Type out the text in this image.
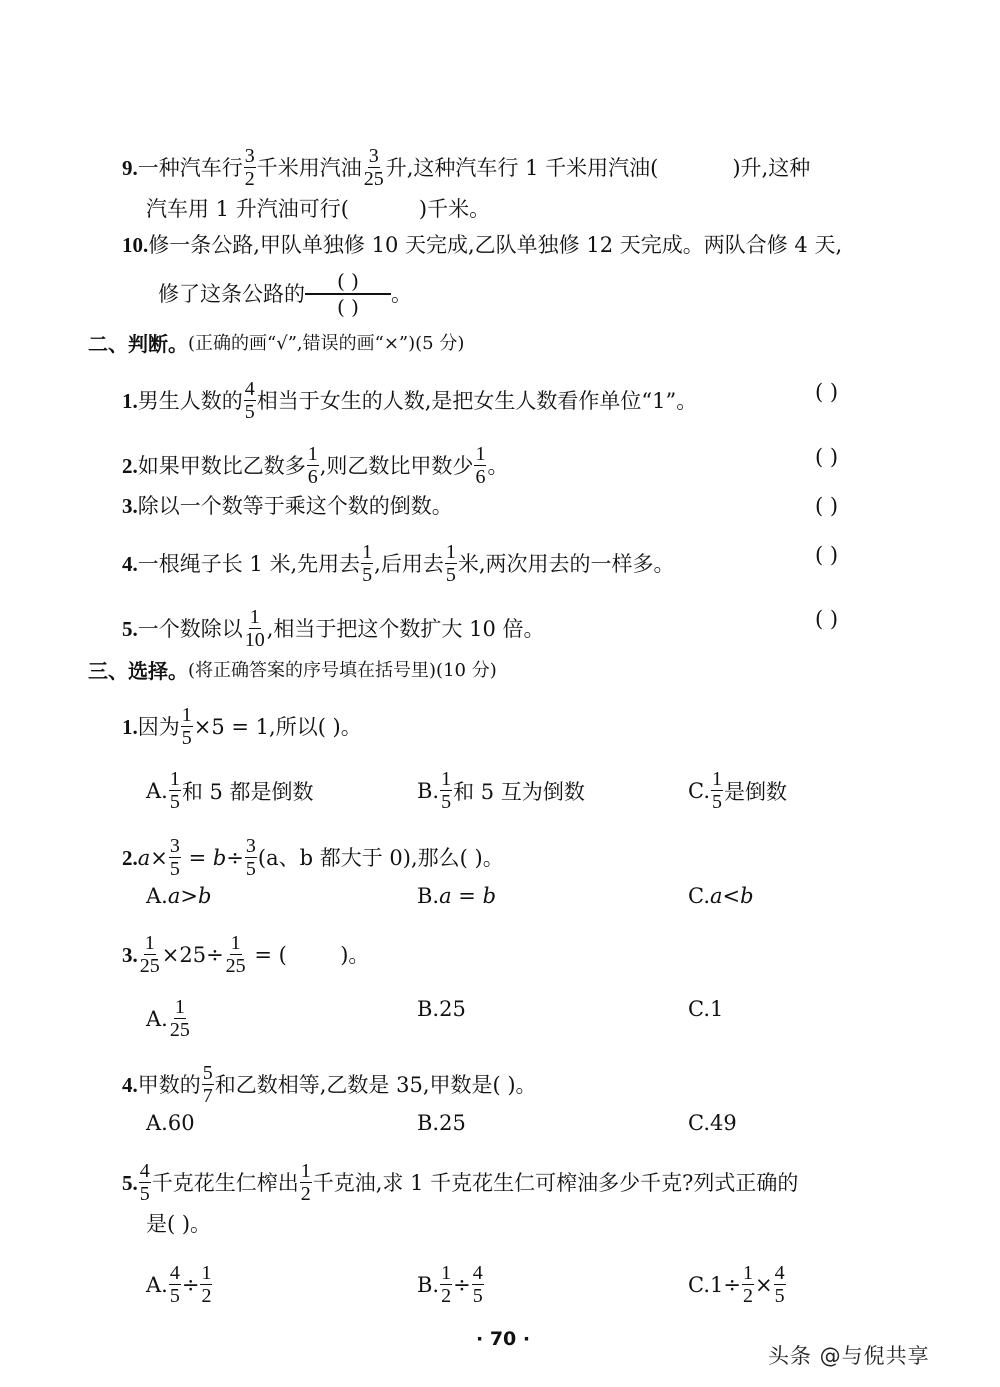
9. 一种汽车行 $\frac{3}{2}$ 千米用汽油 $\frac{3}{25}$ 升,这种汽车行 1 千米用汽油(	)升,这种
汽车用 1 升汽油可行(	)千米。
10. 修一条公路,甲队单独修 10 天完成,乙队单独修 12 天完成。两队合修 4 天,
修了这条公路的
( )
( )
。
二、判断。 (正确的画“√”,错误的画“×”)(5 分)
1. 男生人数的 $\frac{4}{5}$ 相当于女生的人数,是把女生人数看作单位“1”。	( )
2. 如果甲数比乙数多 $\frac{1}{6}$ ,则乙数比甲数少 $\frac{1}{6}$ 。	( )
3. 除以一个数等于乘这个数的倒数。	( )
4. 一根绳子长 1 米,先用去 $\frac{1}{5}$ ,后用去 $\frac{1}{5}$ 米,两次用去的一样多。	( )
5. 一个数除以 $\frac{1}{10}$ ,相当于把这个数扩大 10 倍。	( )
三、选择。 (将正确答案的序号填在括号里)(10 分)
1. 因为 $\frac{1}{5} \times 5 = 1$,所以( )。
A. $\frac{1}{5}$ 和 5 都是倒数	B. $\frac{1}{5}$ 和 5 互为倒数	C. $\frac{1}{5}$ 是倒数
2. $a \times \frac{3}{5} = b \div \frac{3}{5} (a$、b 都大于 0),那么( )。
A. a>b	B. a = b	C. a<b
3. $\frac{1}{25} \times 25\div \frac{1}{25}$ = (        )。
A. $\frac{1}{25}$	B. 25	C. 1
4. 甲数的 $\frac{5}{7}$ 和乙数相等,乙数是 35,甲数是( )。
A. 60	B. 25	C. 49
5. $\frac{4}{5}$ 千克花生仁榨出 $\frac{1}{2}$ 千克油,求 1 千克花生仁可榨油多少千克?列式正确的
是( )。
A. $\frac{4}{5} \div \frac{1}{2}$	B. $\frac{1}{2} \div \frac{4}{5}$	C. $1\div \frac{1}{2} \times \frac{4}{5}$
· 70 ·
头条 @与倪共享
